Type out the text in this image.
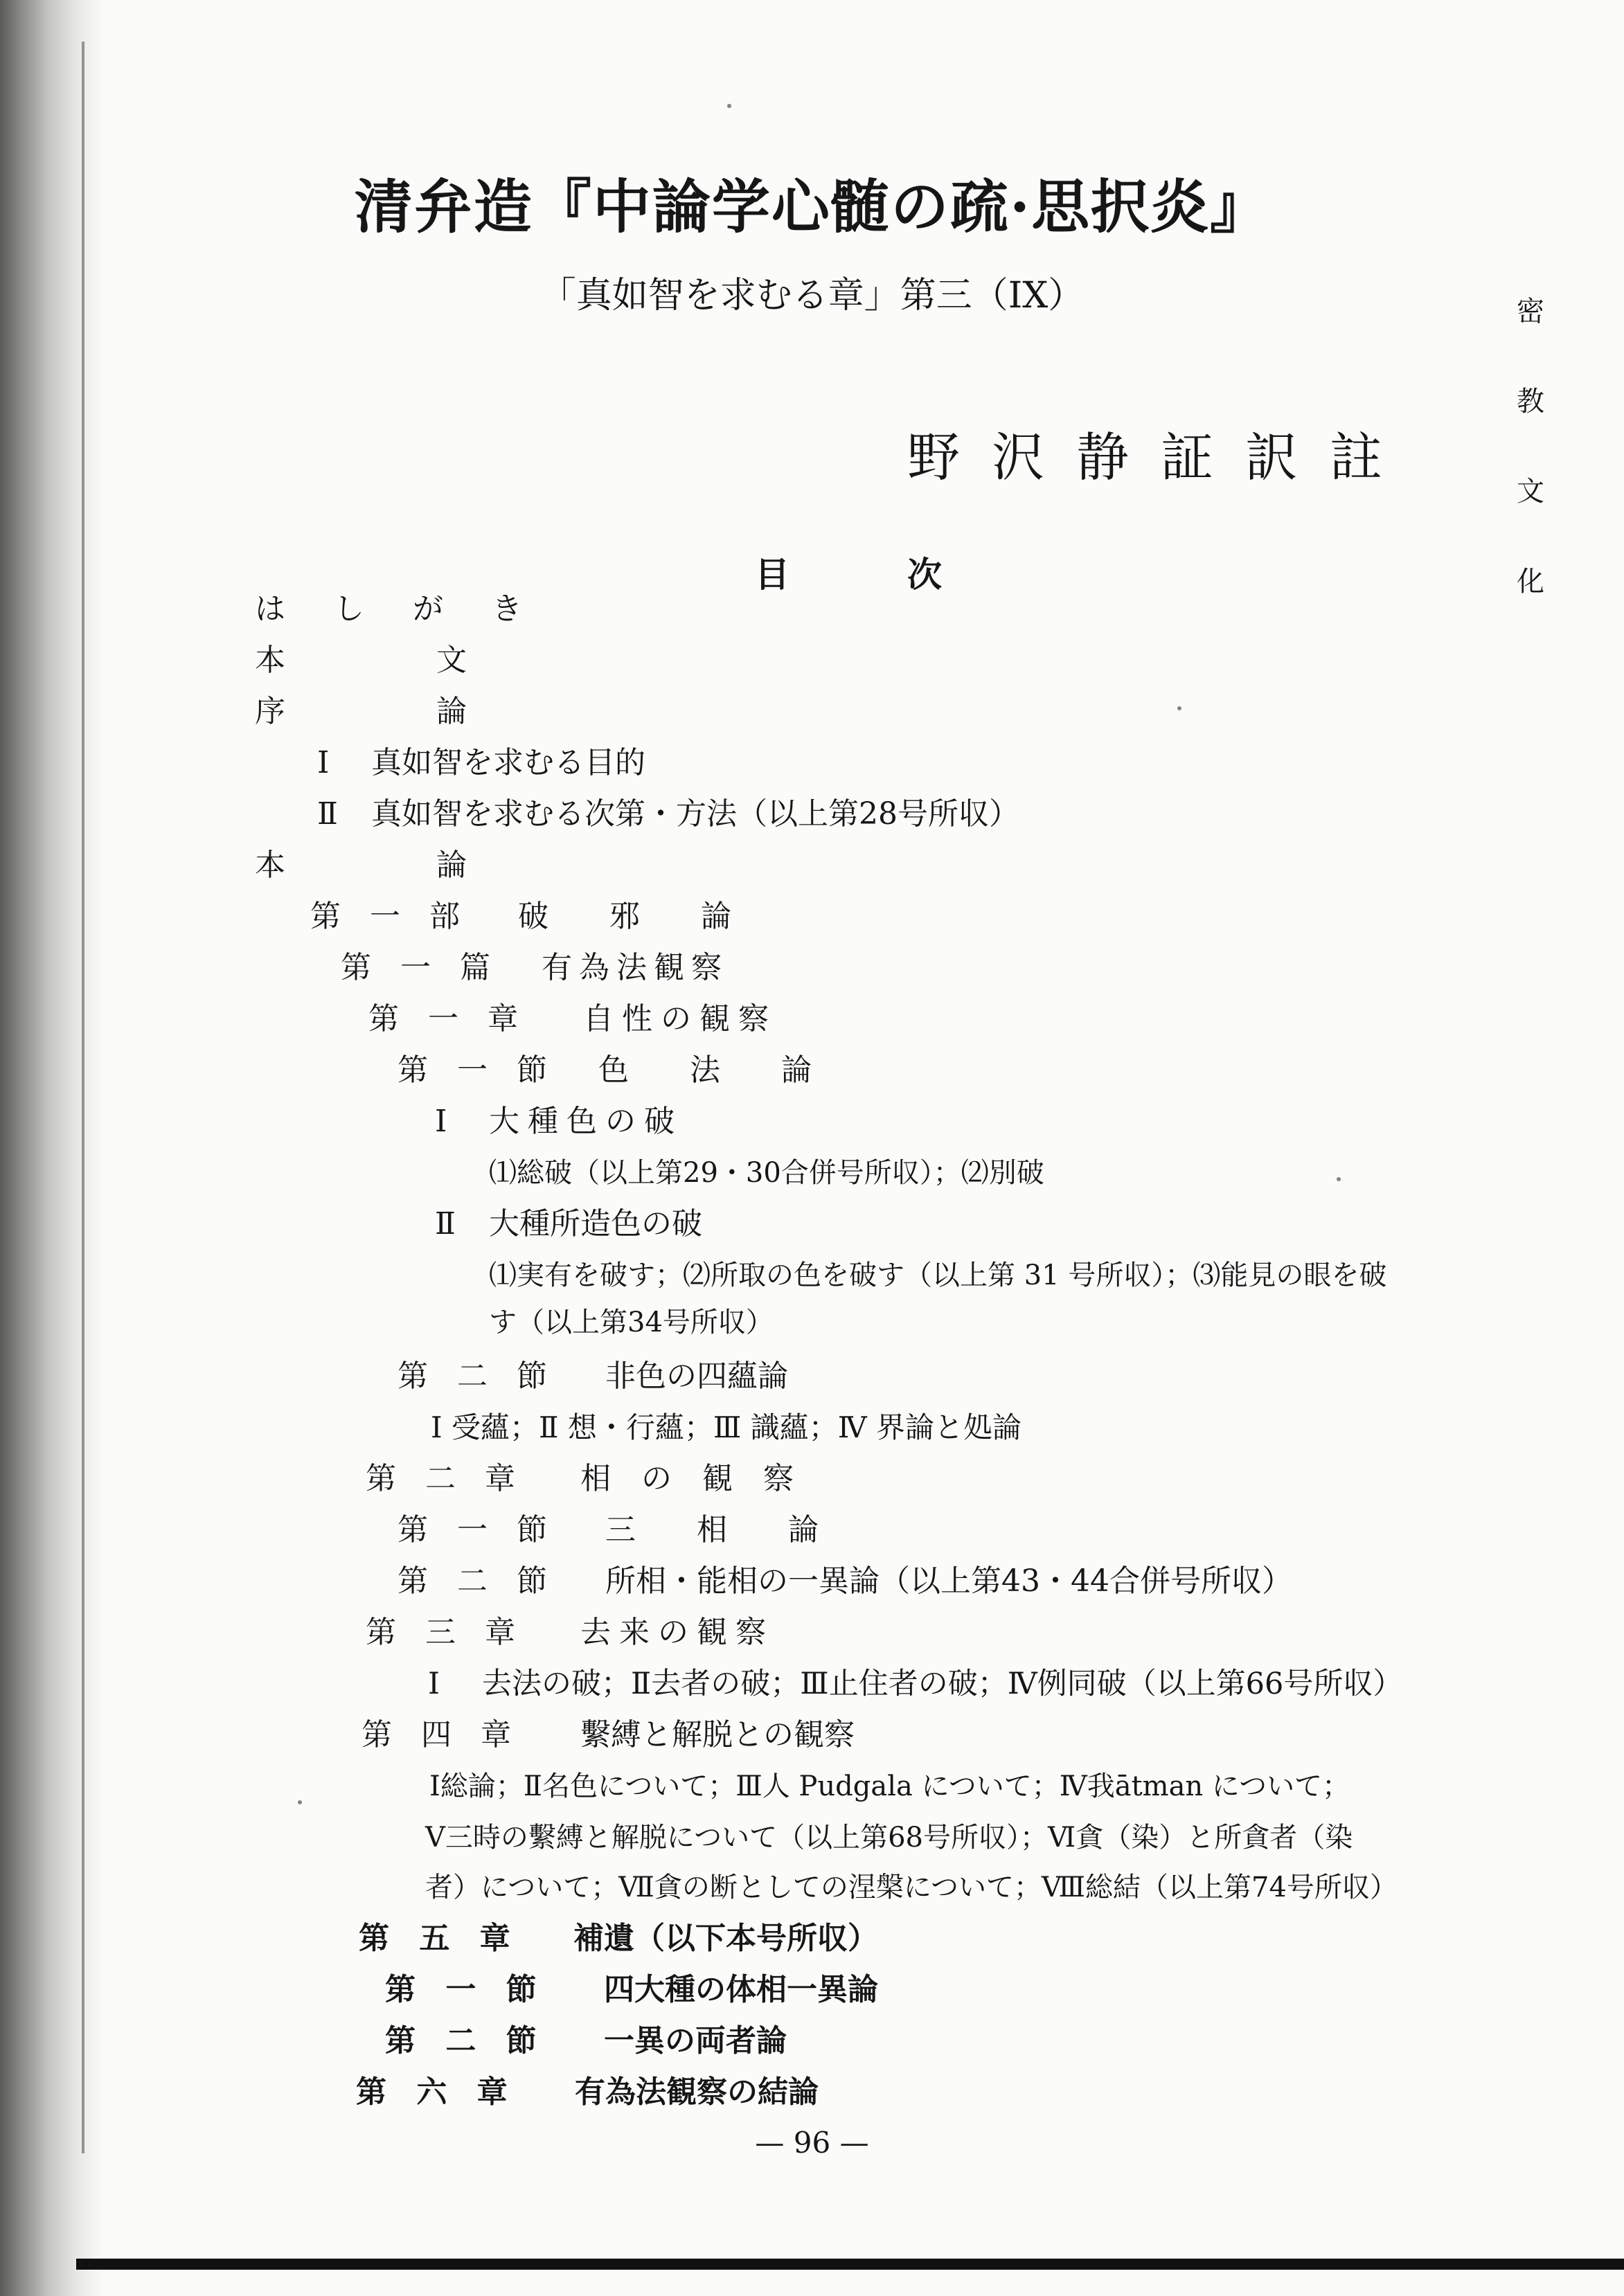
清弁造『中論学心髄の疏·思択炎』
「真如智を求むる章」第三（IX）
野沢静証訳註
密
教
文
化
目	次
は し が き
本	文
序	論
Ⅰ 真如智を求むる目的
Ⅱ 真如智を求むる次第・方法（以上第28号所収）
本	論
第 一 部 破　　邪　　論
第 一 篇 有為法観察
第 一 章 自性の観察
第 一 節 色　　法　　論
Ⅰ 大種色の破
⑴総破（以上第29・30合併号所収）；⑵別破
Ⅱ 大種所造色の破
⑴実有を破す；⑵所取の色を破す（以上第 31 号所収）；⑶能見の眼を破
す（以上第34号所収）
第 二 節 非色の四蘊論
Ⅰ 受蘊；Ⅱ 想・行蘊；Ⅲ 識蘊；Ⅳ 界論と処論
第 二 章 相　の　観　察
第 一 節 三　　相　　論
第 二 節 所相・能相の一異論（以上第43・44合併号所収）
第 三 章 去来の観察
Ⅰ 去法の破；Ⅱ去者の破；Ⅲ止住者の破；Ⅳ例同破（以上第66号所収）
第 四 章 繫縛と解脱との観察
Ⅰ総論；Ⅱ名色について；Ⅲ人 Pudgala について；Ⅳ我ātman について；
Ⅴ三時の繫縛と解脱について（以上第68号所収）；Ⅵ貪（染）と所貪者（染
者）について；Ⅶ貪の断としての涅槃について；Ⅷ総結（以上第74号所収）
第 五 章 補遺（以下本号所収）
第 一 節 四大種の体相一異論
第 二 節 一異の両者論
第 六 章 有為法観察の結論
— 96 —
